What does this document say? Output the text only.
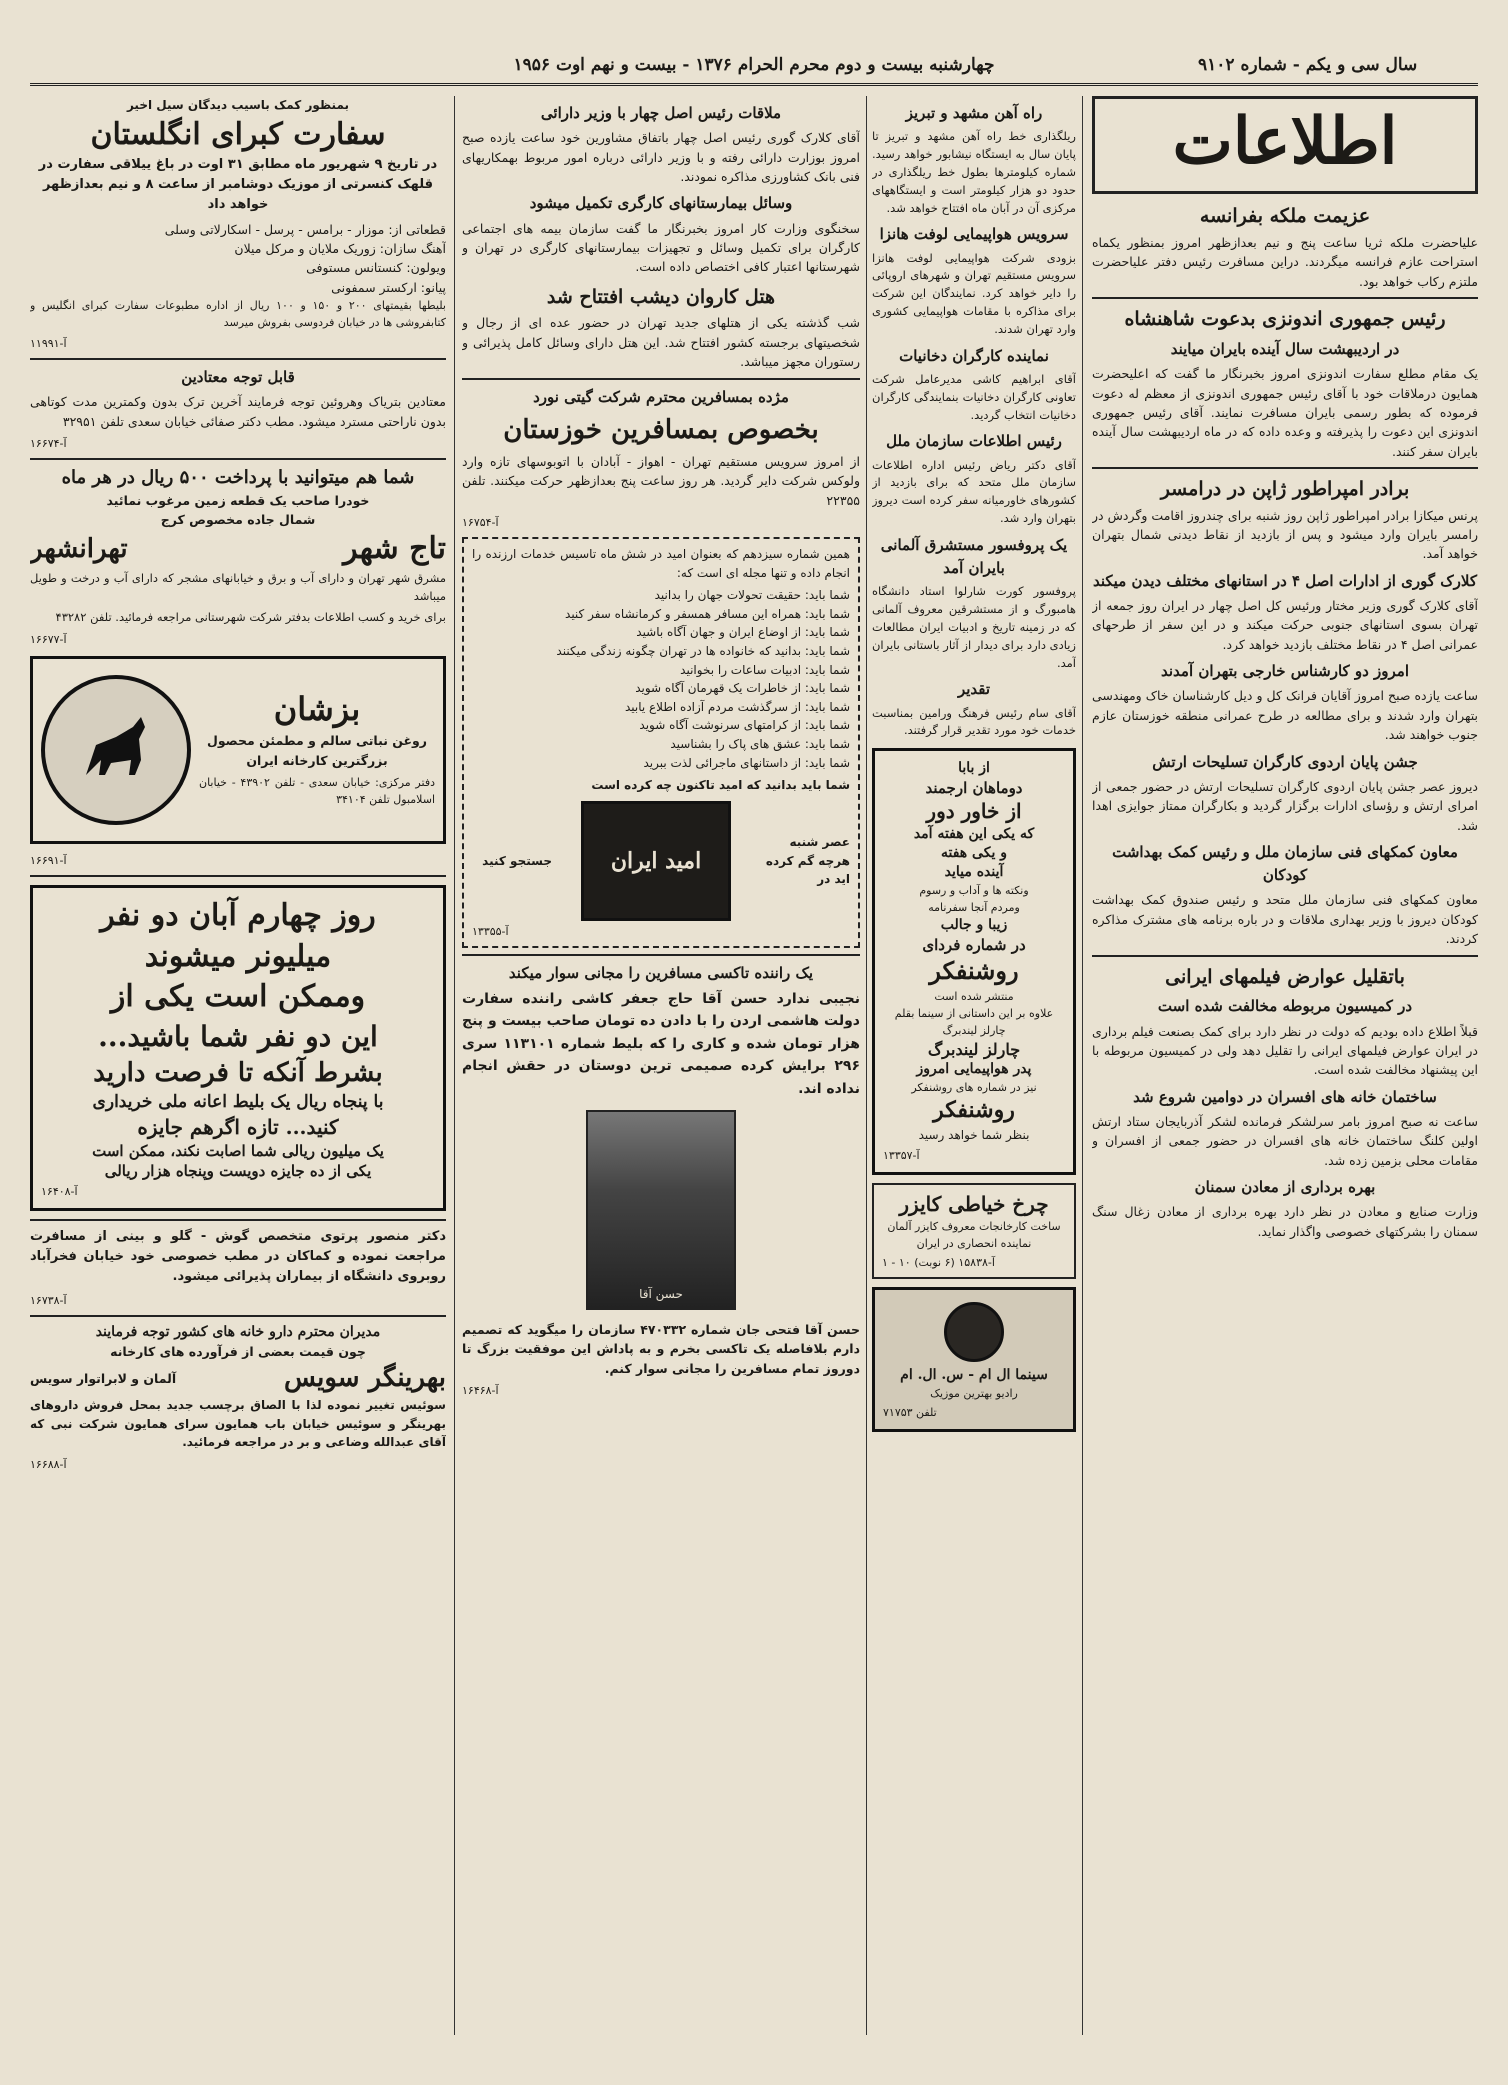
سال سی و یکم - شماره ۹۱۰۲
چهارشنبه بیست و دوم محرم الحرام ۱۳۷۶ - بیست و نهم اوت ۱۹۵۶
اطلاعات
عزیمت ملکه بفرانسه

علیاحضرت ملکه ثریا ساعت پنج و نیم بعدازظهر امروز بمنظور یکماه استراحت عازم فرانسه میگردند. دراین مسافرت رئیس دفتر علیاحضرت ملتزم رکاب خواهد بود.

رئیس جمهوری اندونزی بدعوت شاهنشاه
در اردیبهشت سال آینده بایران میایند

یک مقام مطلع سفارت اندونزی امروز بخبرنگار ما گفت که اعلیحضرت همایون درملاقات خود با آقای رئیس جمهوری اندونزی از معظم له دعوت فرموده که بطور رسمی بایران مسافرت نمایند. آقای رئیس جمهوری اندونزی این دعوت را پذیرفته و وعده داده که در ماه اردیبهشت سال آینده بایران سفر کنند.

برادر امپراطور ژاپن در درامسر

پرنس میکازا برادر امپراطور ژاپن روز شنبه برای چندروز اقامت وگردش در رامسر بایران وارد میشود و پس از بازدید از نقاط دیدنی شمال بتهران خواهد آمد.

کلارک گوری از ادارات اصل ۴ در استانهای مختلف دیدن میکند

آقای کلارک گوری وزیر مختار ورئیس کل اصل چهار در ایران روز جمعه از تهران بسوی استانهای جنوبی حرکت میکند و در این سفر از طرحهای عمرانی اصل ۴ در نقاط مختلف بازدید خواهد کرد.

امروز دو کارشناس خارجی بتهران آمدند

ساعت یازده صبح امروز آقایان فرانک کل و دیل کارشناسان خاک ومهندسی بتهران وارد شدند و برای مطالعه در طرح عمرانی منطقه خوزستان عازم جنوب خواهند شد.

جشن پایان اردوی کارگران تسلیحات ارتش

دیروز عصر جشن پایان اردوی کارگران تسلیحات ارتش در حضور جمعی از امرای ارتش و رؤسای ادارات برگزار گردید و بکارگران ممتاز جوایزی اهدا شد.

معاون کمکهای فنی سازمان ملل و رئیس کمک بهداشت کودکان

معاون کمکهای فنی سازمان ملل متحد و رئیس صندوق کمک بهداشت کودکان دیروز با وزیر بهداری ملاقات و در باره برنامه های مشترک مذاکره کردند.

باتقلیل عوارض فیلمهای ایرانی
در کمیسیون مربوطه مخالفت شده است

قبلاً اطلاع داده بودیم که دولت در نظر دارد برای کمک بصنعت فیلم برداری در ایران عوارض فیلمهای ایرانی را تقلیل دهد ولی در کمیسیون مربوطه با این پیشنهاد مخالفت شده است.

ساختمان خانه های افسران در دوامین شروع شد

ساعت نه صبح امروز بامر سرلشکر فرمانده لشکر آذربایجان ستاد ارتش اولین کلنگ ساختمان خانه های افسران در حضور جمعی از افسران و مقامات محلی بزمین زده شد.

بهره برداری از معادن سمنان

وزارت صنایع و معادن در نظر دارد بهره برداری از معادن زغال سنگ سمنان را بشرکتهای خصوصی واگذار نماید.

راه آهن مشهد و تبریز

ریلگذاری خط راه آهن مشهد و تبریز تا پایان سال به ایستگاه نیشابور خواهد رسید. شماره کیلومترها بطول خط ریلگذاری در حدود دو هزار کیلومتر است و ایستگاههای مرکزی آن در آبان ماه افتتاح خواهد شد.

سرویس هواپیمایی لوفت هانزا

بزودی شرکت هواپیمایی لوفت هانزا سرویس مستقیم تهران و شهرهای اروپائی را دایر خواهد کرد. نمایندگان این شرکت برای مذاکره با مقامات هواپیمایی کشوری وارد تهران شدند.

نماینده کارگران دخانیات

آقای ابراهیم کاشی مدیرعامل شرکت تعاونی کارگران دخانیات بنمایندگی کارگران دخانیات انتخاب گردید.

رئیس اطلاعات سازمان ملل

آقای دکتر ریاض رئیس اداره اطلاعات سازمان ملل متحد که برای بازدید از کشورهای خاورمیانه سفر کرده است دیروز بتهران وارد شد.

یک پروفسور مستشرق آلمانی بایران آمد

پروفسور کورت شارلوا استاد دانشگاه هامبورگ و از مستشرقین معروف آلمانی که در زمینه تاریخ و ادبیات ایران مطالعات زیادی دارد برای دیدار از آثار باستانی بایران آمد.

تقدیر

آقای سام رئیس فرهنگ ورامین بمناسبت خدمات خود مورد تقدیر قرار گرفتند.

از بابا
دوماهان ارجمند
از خاور دور
که یکی این هفته آمد
و یکی هفته
آینده میاید
ونکته ها و آداب و رسوم
ومردم آنجا سفرنامه
زیبا و جالب
در شماره فردای
روشنفکر
منتشر شده است
علاوه بر این داستانی از سینما بقلم چارلز لیندبرگ
چارلز لیندبرگ
پدر هواپیمایی امروز
نیز در شماره های روشنفکر
روشنفکر
بنظر شما خواهد رسید
آ-۱۳۳۵۷
چرخ خیاطی کایزر
ساخت کارخانجات معروف کایزر آلمان نماینده انحصاری در ایران
آ-۱۵۸۳۸ (۶ نوبت) ۱۰ - ۱
سینما ال ام - س. ال. ام
رادیو بهترین موزیک
تلفن ۷۱۷۵۳
ملاقات رئیس اصل چهار با وزیر دارائی

آقای کلارک گوری رئیس اصل چهار باتفاق مشاورین خود ساعت یازده صبح امروز بوزارت دارائی رفته و با وزیر دارائی درباره امور مربوط بهمکاریهای فنی بانک کشاورزی مذاکره نمودند.

وسائل بیمارستانهای کارگری تکمیل میشود

سخنگوی وزارت کار امروز بخبرنگار ما گفت سازمان بیمه های اجتماعی کارگران برای تکمیل وسائل و تجهیزات بیمارستانهای کارگری در تهران و شهرستانها اعتبار کافی اختصاص داده است.

هتل کاروان دیشب افتتاح شد

شب گذشته یکی از هتلهای جدید تهران در حضور عده ای از رجال و شخصیتهای برجسته کشور افتتاح شد. این هتل دارای وسائل کامل پذیرائی و رستوران مجهز میباشد.

مژده بمسافرین محترم شرکت گیتی نورد
بخصوص بمسافرین خوزستان

از امروز سرویس مستقیم تهران - اهواز - آبادان با اتوبوسهای تازه وارد ولوکس شرکت دایر گردید. هر روز ساعت پنج بعدازظهر حرکت میکنند. تلفن ۲۲۳۵۵

آ-۱۶۷۵۴

همین شماره سیزدهم که بعنوان امید در شش ماه تاسیس خدمات ارزنده را انجام داده و تنها مجله ای است که:

شما باید: حقیقت تحولات جهان را بدانید
شما باید: همراه این مسافر همسفر و کرمانشاه سفر کنید
شما باید: از اوضاع ایران و جهان آگاه باشید
شما باید: بدانید که خانواده ها در تهران چگونه زندگی میکنند
شما باید: ادبیات ساعات را بخوانید
شما باید: از خاطرات یک قهرمان آگاه شوید
شما باید: از سرگذشت مردم آزاده اطلاع یابید
شما باید: از کرامتهای سرنوشت آگاه شوید
شما باید: عشق های پاک را بشناسید
شما باید: از داستانهای ماجرائی لذت ببرید
شما باید بدانید که امید تاکنون چه کرده است
عصر شنبه هرچه گم کرده اید در
امید ایران
جستجو کنید
آ-۱۳۳۵۵
یک راننده تاکسی مسافرین را مجانی سوار میکند

نجیبی ندارد حسن آقا حاج جعفر کاشی راننده سفارت دولت هاشمی اردن را با دادن ده تومان صاحب بیست و پنج هزار تومان شده و کاری را که بلیط شماره ۱۱۳۱۰۱ سری ۲۹۶ برایش کرده صمیمی ترین دوستان در حقش انجام نداده اند.

حسن آقا

حسن آقا فتحی جان شماره ۴۷۰۳۳۲ سازمان را میگوید که تصمیم دارم بلافاصله یک تاکسی بخرم و به پاداش این موفقیت بزرگ تا دوروز تمام مسافرین را مجانی سوار کنم.

آ-۱۶۴۶۸
بمنظور کمک باسیب دیدگان سیل اخیر
سفارت کبرای انگلستان

در تاریخ ۹ شهریور ماه مطابق ۳۱ اوت در باغ ییلاقی سفارت در قلهک کنسرتی از موزیک دوشامبر از ساعت ۸ و نیم بعدازظهر خواهد داد

قطعاتی از: موزار - برامس - پرسل - اسکارلاتی وسلی
آهنگ سازان: زوریک ملایان و مرکل میلان
ویولون: کنستانس مستوفی
پیانو: ارکستر سمفونی

بلیطها بقیمتهای ۲۰۰ و ۱۵۰ و ۱۰۰ ریال از اداره مطبوعات سفارت کبرای انگلیس و کتابفروشی ها در خیابان فردوسی بفروش میرسد

آ-۱۱۹۹۱
قابل توجه معتادین

معتادین بتریاک وهروئین توجه فرمایند آخرین ترک بدون وکمترین مدت کوتاهی بدون ناراحتی مسترد میشود. مطب دکتر صفائی خیابان سعدی تلفن ۳۲۹۵۱

آ-۱۶۶۷۴
شما هم میتوانید با پرداخت ۵۰۰ ریال در هر ماه
خودرا صاحب یک قطعه زمین مرغوب نمائید
شمال جاده مخصوص کرج
تاج شهر
تهرانشهر

مشرق شهر تهران و دارای آب و برق و خیابانهای مشجر که دارای آب و درخت و طویل میباشد

برای خرید و کسب اطلاعات بدفتر شرکت شهرستانی مراجعه فرمائید. تلفن ۴۳۲۸۲

آ-۱۶۶۷۷
بزشان

روغن نباتی سالم و مطمئن محصول بزرگترین کارخانه ایران

دفتر مرکزی: خیابان سعدی - تلفن ۴۳۹۰۲ - خیابان اسلامبول تلفن ۳۴۱۰۴

آ-۱۶۶۹۱
روز چهارم آبان دو نفر
میلیونر میشوند
وممکن است یکی از
این دو نفر شما باشید...
بشرط آنکه تا فرصت دارید
با پنجاه ریال یک بلیط اعانه ملی خریداری
کنید... تازه اگرهم جایزه
یک میلیون ریالی شما اصابت نکند، ممکن است
یکی از ده جایزه دویست وپنجاه هزار ریالی
آ-۱۶۴۰۸

دکتر منصور پرتوی متخصص گوش - گلو و بینی از مسافرت مراجعت نموده و کماکان در مطب خصوصی خود خیابان فخرآباد روبروی دانشگاه از بیماران پذیرائی میشود.

آ-۱۶۷۳۸
مدیران محترم دارو خانه های کشور توجه فرمایند
چون قیمت بعضی از فرآورده های کارخانه
بهرینگر سویس
آلمان و لابراتوار سویس

سوئیس تغییر نموده لذا با الصاق برچسب جدید بمحل فروش داروهای بهرینگر و سوئیس خیابان باب همایون سرای همایون شرکت نبی که آقای عبدالله وضاعی و بر در مراجعه فرمائید.

آ-۱۶۶۸۸
